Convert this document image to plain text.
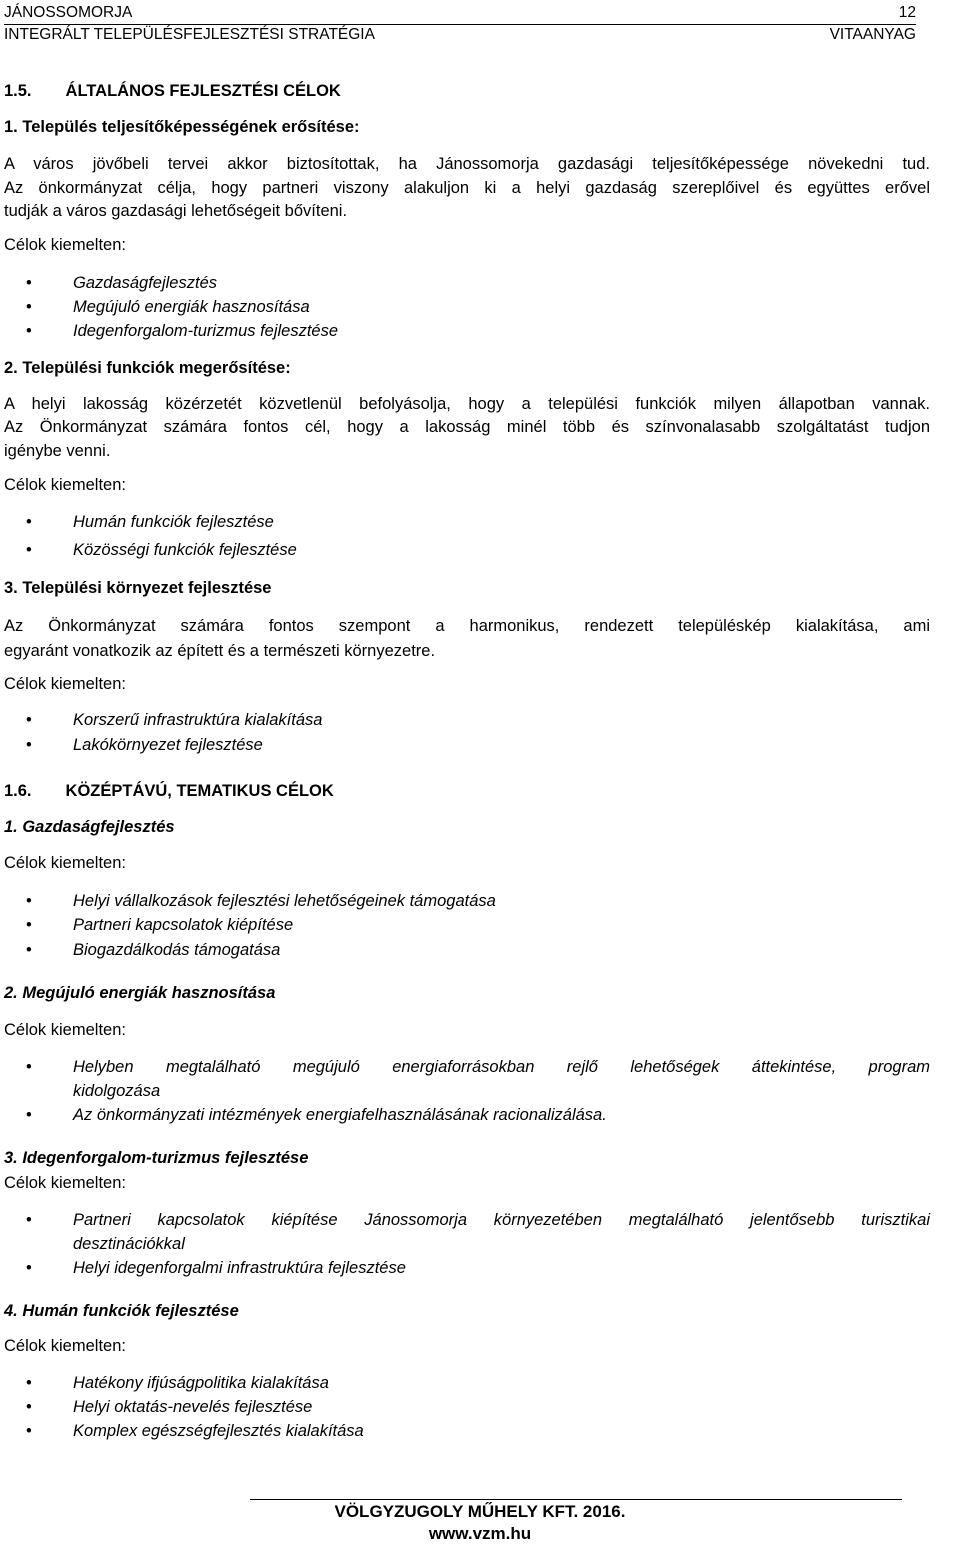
JÁNOSSOMORJA	12
INTEGRÁLT TELEPÜLÉSFEJLESZTÉSI STRATÉGIA	VITAANYAG
1.5. ÁLTALÁNOS FEJLESZTÉSI CÉLOK
1. Település teljesítőképességének erősítése:
A város jövőbeli tervei akkor biztosítottak, ha Jánossomorja gazdasági teljesítőképessége növekedni tud.
Az önkormányzat célja, hogy partneri viszony alakuljon ki a helyi gazdaság szereplőivel és együttes erővel
tudják a város gazdasági lehetőségeit bővíteni.
Célok kiemelten:
• Gazdaságfejlesztés
• Megújuló energiák hasznosítása
• Idegenforgalom-turizmus fejlesztése
2. Települési funkciók megerősítése:
A helyi lakosság közérzetét közvetlenül befolyásolja, hogy a települési funkciók milyen állapotban vannak.
Az Önkormányzat számára fontos cél, hogy a lakosság minél több és színvonalasabb szolgáltatást tudjon
igénybe venni.
Célok kiemelten:
• Humán funkciók fejlesztése
• Közösségi funkciók fejlesztése
3. Települési környezet fejlesztése
Az Önkormányzat számára fontos szempont a harmonikus, rendezett településkép kialakítása, ami
egyaránt vonatkozik az épített és a természeti környezetre.
Célok kiemelten:
• Korszerű infrastruktúra kialakítása
• Lakókörnyezet fejlesztése
1.6. KÖZÉPTÁVÚ, TEMATIKUS CÉLOK
1. Gazdaságfejlesztés
Célok kiemelten:
• Helyi vállalkozások fejlesztési lehetőségeinek támogatása
• Partneri kapcsolatok kiépítése
• Biogazdálkodás támogatása
2. Megújuló energiák hasznosítása
Célok kiemelten:
• Helyben megtalálható megújuló energiaforrásokban rejlő lehetőségek áttekintése, program
kidolgozása
• Az önkormányzati intézmények energiafelhasználásának racionalizálása.
3. Idegenforgalom-turizmus fejlesztése
Célok kiemelten:
• Partneri kapcsolatok kiépítése Jánossomorja környezetében megtalálható jelentősebb turisztikai
desztinációkkal
• Helyi idegenforgalmi infrastruktúra fejlesztése
4. Humán funkciók fejlesztése
Célok kiemelten:
• Hatékony ifjúságpolitika kialakítása
• Helyi oktatás-nevelés fejlesztése
• Komplex egészségfejlesztés kialakítása
VÖLGYZUGOLY MŰHELY KFT. 2016.
www.vzm.hu
